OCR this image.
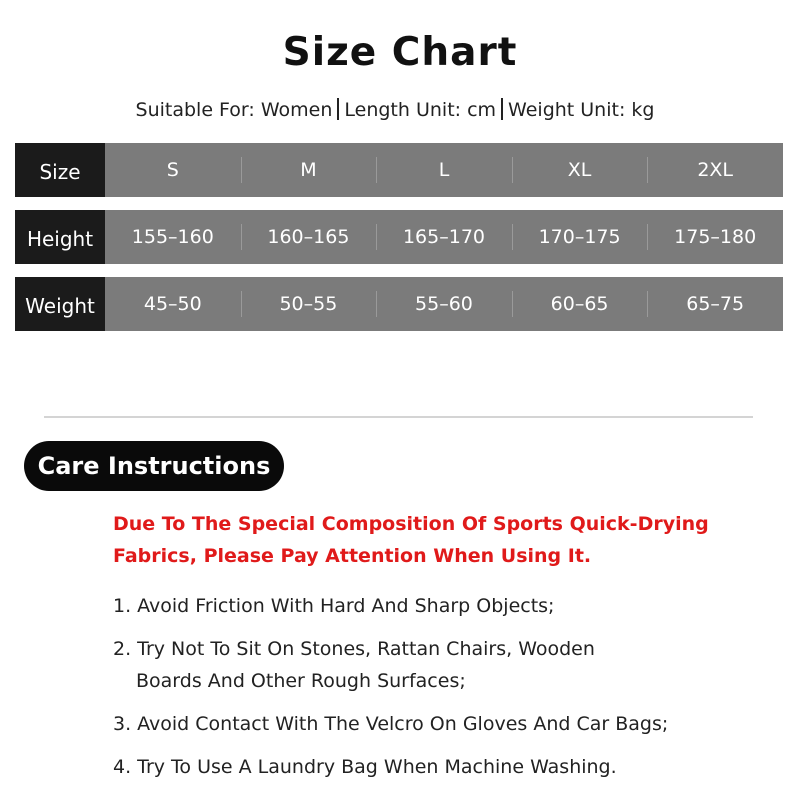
Size Chart
Suitable For: Women Length Unit: cm Weight Unit: kg
Size	S	M	L	XL	2XL
Height	155–160	160–165	165–170	170–175	175–180
Weight	45–50	50–55	55–60	60–65	65–75
Care Instructions
Due To The Special Composition Of Sports Quick-Drying
Fabrics, Please Pay Attention When Using It.
1. Avoid Friction With Hard And Sharp Objects;
2. Try Not To Sit On Stones, Rattan Chairs, Wooden
Boards And Other Rough Surfaces;
3. Avoid Contact With The Velcro On Gloves And Car Bags;
4. Try To Use A Laundry Bag When Machine Washing.
